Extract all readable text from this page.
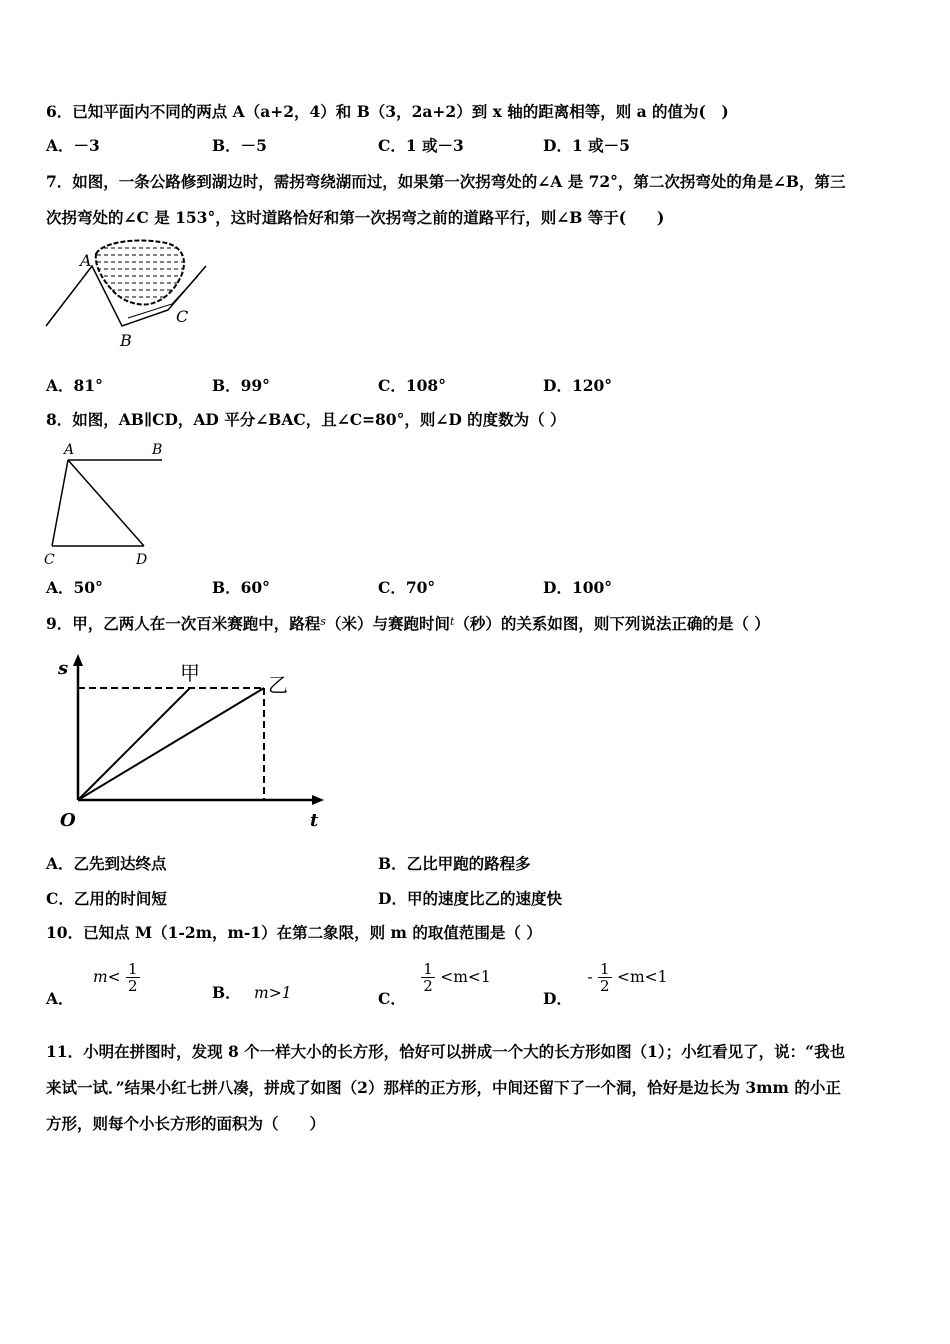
6．已知平面内不同的两点 A（a+2，4）和 B（3，2a+2）到 x 轴的距离相等，则 a 的值为(　)
A．－3	B．－5	C．1 或－3	D．1 或－5
7．如图，一条公路修到湖边时，需拐弯绕湖而过，如果第一次拐弯处的∠A 是 72°，第二次拐弯处的角是∠B，第三
次拐弯处的∠C 是 153°，这时道路恰好和第一次拐弯之前的道路平行，则∠B 等于(　　)
A
B
C
A．81°	B．99°	C．108°	D．120°
8．如图，AB∥CD，AD 平分∠BAC，且∠C=80°，则∠D 的度数为（ ）
A	B
C	D
A．50°	B．60°	C．70°	D．100°
9．甲，乙两人在一次百米赛跑中，路程$^s$（米）与赛跑时间$^t$（秒）的关系如图，则下列说法正确的是（ ）
s
t
O
甲	乙
A．乙先到达终点	B．乙比甲跑的路程多
C．乙用的时间短	D．甲的速度比乙的速度快
10．已知点 M（1-2m，m-1）在第二象限，则 m 的取值范围是（ ）
A． $m< \frac{1}{2}$	B． m>1	C．
$\frac{1}{2} <m<1$
D． - $\frac{1}{2} <m<1$
11．小明在拼图时，发现 8 个一样大小的长方形，恰好可以拼成一个大的长方形如图（1）；小红看见了，说：“我也
来试一试．”结果小红七拼八凑，拼成了如图（2）那样的正方形，中间还留下了一个洞，恰好是边长为 3mm 的小正
方形，则每个小长方形的面积为（　　）
